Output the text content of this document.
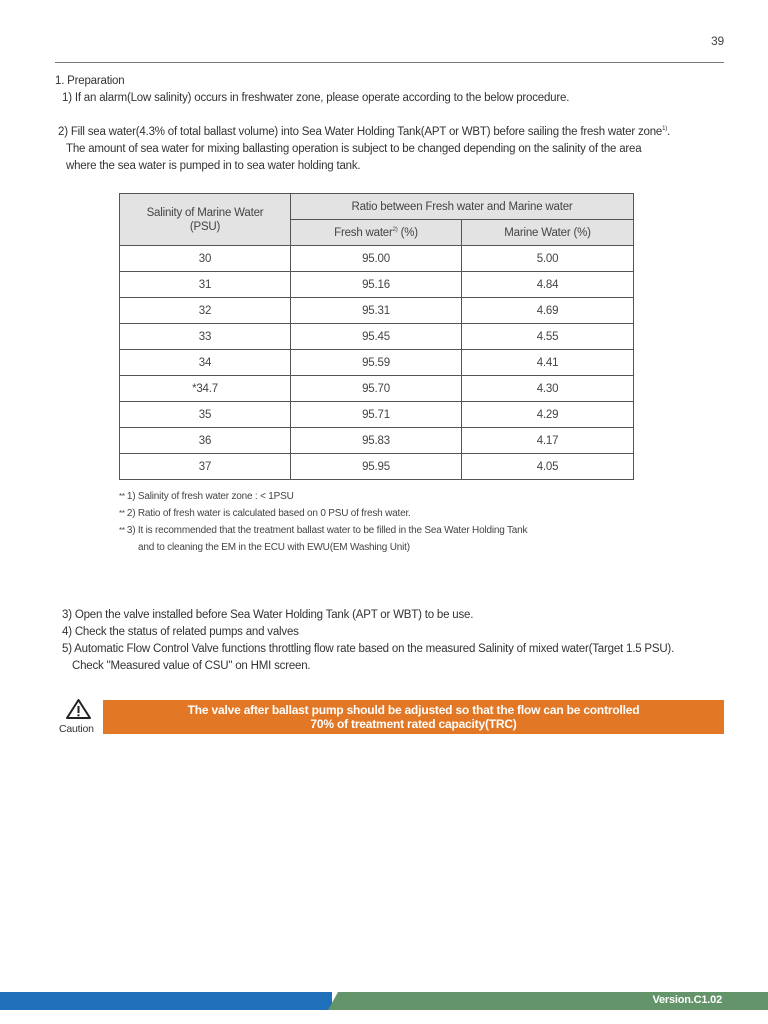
39
1. Preparation
1) If an alarm(Low salinity) occurs in freshwater zone, please operate according to the below procedure.
2) Fill sea water(4.3% of total ballast volume) into Sea Water Holding Tank(APT or WBT) before sailing the fresh water zone$^{1)}$.
The amount of sea water for mixing ballasting operation is subject to be changed depending on the salinity of the area
where the sea water is pumped in to sea water holding tank.
Salinity of Marine Water
(PSU)	Ratio between Fresh water and Marine water	
	Fresh water$^{2)}$ (%)	Marine Water (%)
30	95.00	5.00
31	95.16	4.84
32	95.31	4.69
33	95.45	4.55
34	95.59	4.41
*34.7	95.70	4.30
35	95.71	4.29
36	95.83	4.17
37	95.95	4.05
** 1) Salinity of fresh water zone : < 1PSU
** 2) Ratio of fresh water is calculated based on 0 PSU of fresh water.
** 3) It is recommended that the treatment ballast water to be filled in the Sea Water Holding Tank
and to cleaning the EM in the ECU with EWU(EM Washing Unit)
3) Open the valve installed before Sea Water Holding Tank (APT or WBT) to be use.
4) Check the status of related pumps and valves
5) Automatic Flow Control Valve functions throttling flow rate based on the measured Salinity of mixed water(Target 1.5 PSU).
Check "Measured value of CSU" on HMI screen.
Caution
The valve after ballast pump should be adjusted so that the flow can be controlled
70% of treatment rated capacity(TRC)
Version.C1.02
